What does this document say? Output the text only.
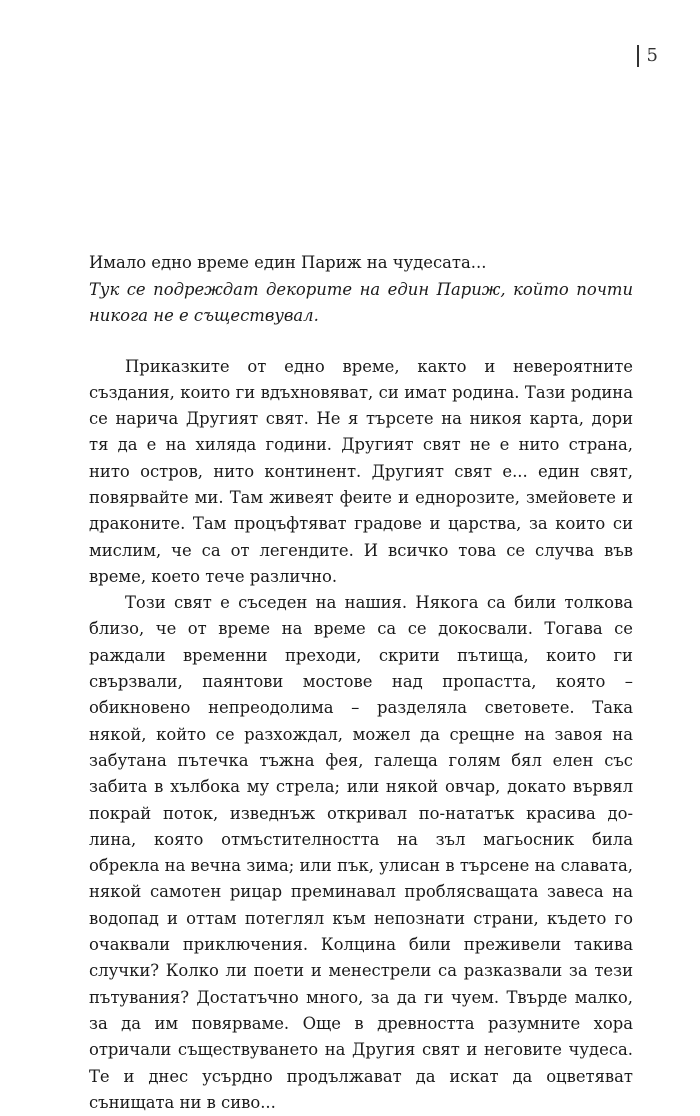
5
Имало едно време един Париж на чудесата...
Тук се подреждат декорите на един Париж, който почти никога не е съществувал.

Приказките от едно време, както и невероятните създания, които ги вдъхновяват, си имат родина. Тази родина се нарича Другият свят. Не я търсете на никоя карта, дори тя да е на хиляда години. Другият свят не е нито страна, нито остров, нито континент. Другият свят е... един свят, повярвайте ми. Там живеят феите и еднорозите, змейовете и драконите. Там процъфтяват градове и царства, за които си мислим, че са от легендите. И всичко това се случва във време, което тече различно.

Този свят е съседен на нашия. Някога са били толкова близо, че от време на време са се докосвали. Тогава се раждали временни преходи, скрити пътища, които ги свързвали, паянтови мостове над пропастта, която – обикновено непреодолима – разделяла световете. Така някой, който се разхождал, можел да срещне на завоя на забутана пътечка тъжна фея, галеща голям бял елен със забита в хълбока му стрела; или някой овчар, докато вървял покрай поток, изведнъж откривал по-нататък красива долина, която отмъстителността на зъл магьосник била обрекла на вечна зима; или пък, улисан в търсене на славата, някой самотен рицар преминавал проблясващата завеса на водопад и оттам потеглял към непознати страни, където го очаквали приключения. Колцина били преживели такива случки? Колко ли поети и менестрели са разказвали за тези пътувания? Достатъчно много, за да ги чуем. Твърде малко, за да им повярваме. Още в древността разумните хора отричали съществуването на Другия свят и неговите чудеса. Те и днес усърдно продължават да искат да оцветяват сънищата ни в сиво...
